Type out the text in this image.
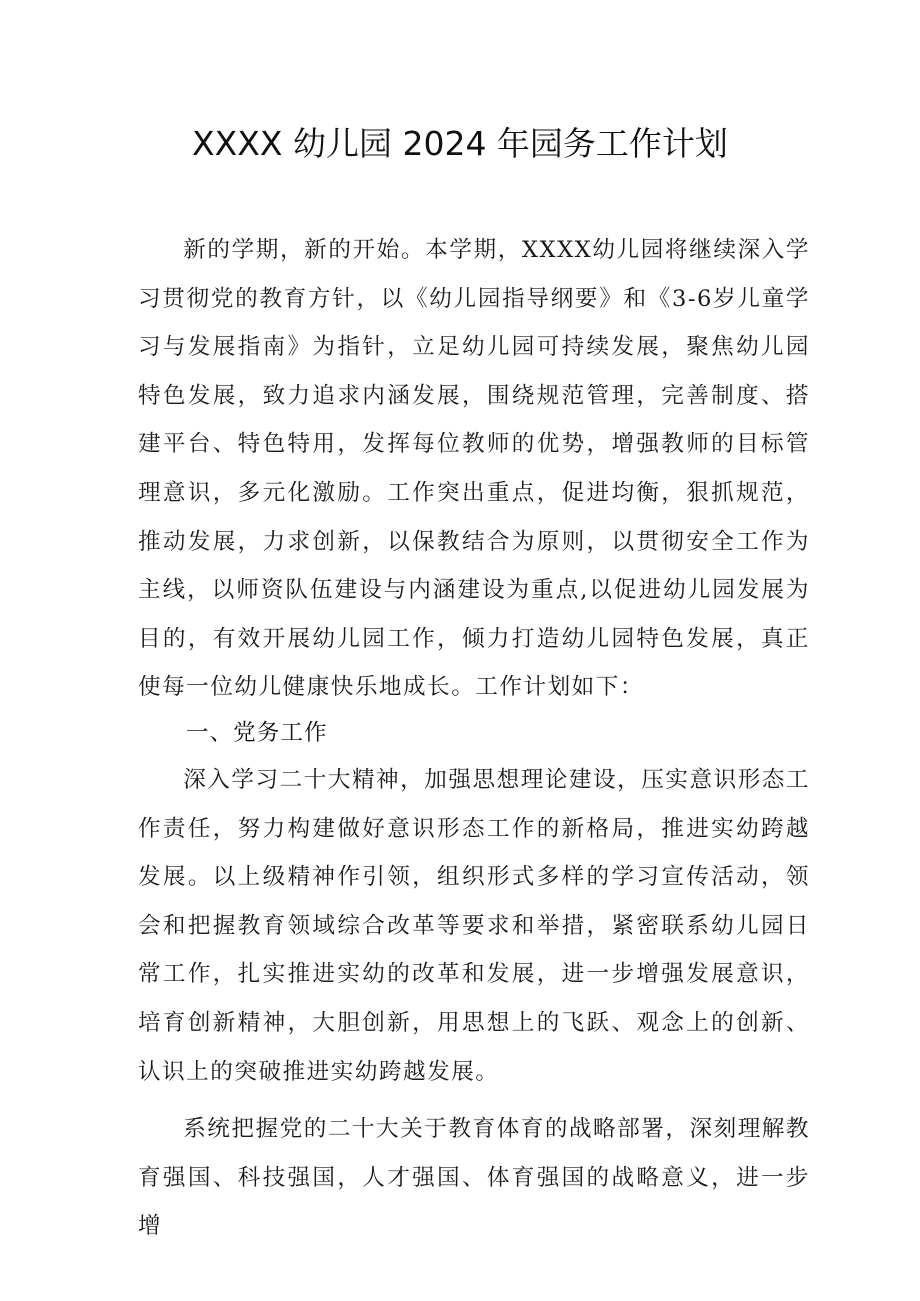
XXXX 幼儿园 2024 年园务工作计划

新的学期，新的开始。本学期，XXXX幼儿园将继续深入学习贯彻党的教育方针，以《幼儿园指导纲要》和《3-6岁儿童学习与发展指南》为指针，立足幼儿园可持续发展，聚焦幼儿园特色发展，致力追求内涵发展，围绕规范管理，完善制度、搭建平台、特色特用，发挥每位教师的优势，增强教师的目标管理意识，多元化激励。工作突出重点，促进均衡，狠抓规范，推动发展，力求创新，以保教结合为原则，以贯彻安全工作为主线，以师资队伍建设与内涵建设为重点,以促进幼儿园发展为目的，有效开展幼儿园工作，倾力打造幼儿园特色发展，真正使每一位幼儿健康快乐地成长。工作计划如下：

一、党务工作

深入学习二十大精神，加强思想理论建设，压实意识形态工作责任，努力构建做好意识形态工作的新格局，推进实幼跨越发展。以上级精神作引领，组织形式多样的学习宣传活动，领会和把握教育领域综合改革等要求和举措，紧密联系幼儿园日常工作，扎实推进实幼的改革和发展，进一步增强发展意识，培育创新精神，大胆创新，用思想上的飞跃、观念上的创新、认识上的突破推进实幼跨越发展。

系统把握党的二十大关于教育体育的战略部署，深刻理解教育强国、科技强国，人才强国、体育强国的战略意义，进一步增
